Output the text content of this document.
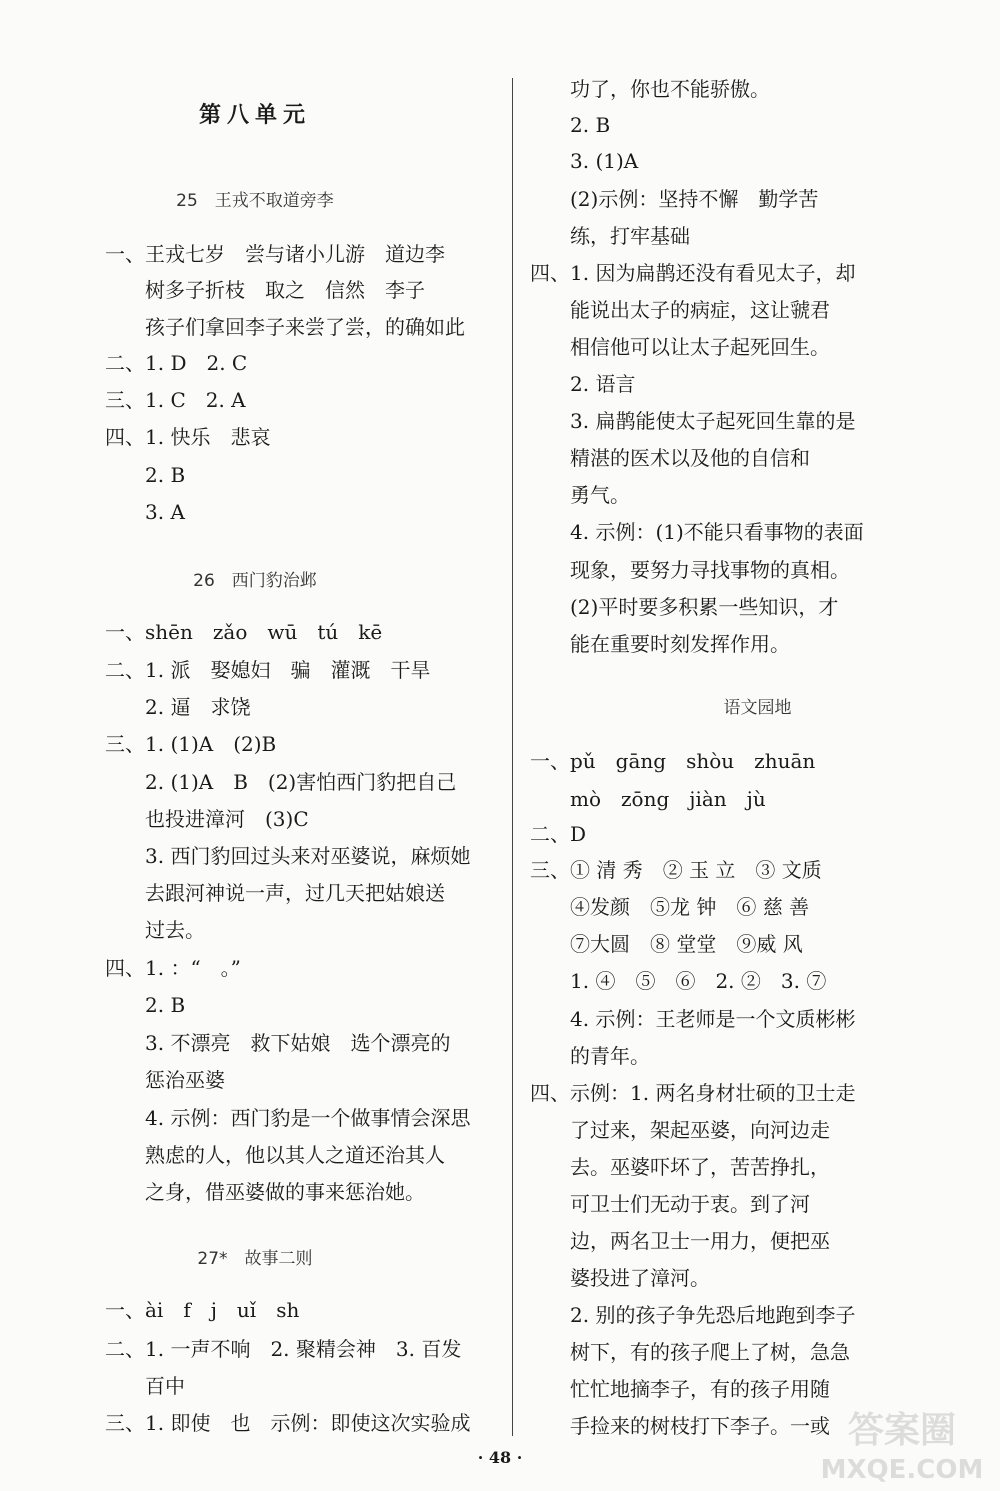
第八单元
25　王戎不取道旁李
26　西门豹治邺
27*　故事二则
语文园地
一、王戎七岁　尝与诸小儿游　道边李
　　树多子折枝　取之　信然　李子
　　孩子们拿回李子来尝了尝，的确如此
二、1. D　2. C
三、1. C　2. A
四、1. 快乐　悲哀
　　2. B
　　3. A
一、shēn　zǎo　wū　tú　kē
二、1. 派　娶媳妇　骗　灌溉　干旱
　　2. 逼　求饶
三、1. (1)A　(2)B
　　2. (1)A　B　(2)害怕西门豹把自己
　　也投进漳河　(3)C
　　3. 西门豹回过头来对巫婆说，麻烦她
　　去跟河神说一声，过几天把姑娘送
　　过去。
四、1. ：“　。”
　　2. B
　　3. 不漂亮　救下姑娘　选个漂亮的
　　惩治巫婆
　　4. 示例：西门豹是一个做事情会深思
　　熟虑的人，他以其人之道还治其人
　　之身，借巫婆做的事来惩治她。
一、ài　f　j　uǐ　sh
二、1. 一声不响　2. 聚精会神　3. 百发
　　百中
三、1. 即使　也　示例：即使这次实验成
　　功了，你也不能骄傲。
　　2. B
　　3. (1)A
　　(2)示例：坚持不懈　勤学苦
　　练，打牢基础
四、1. 因为扁鹊还没有看见太子，却
　　能说出太子的病症，这让虢君
　　相信他可以让太子起死回生。
　　2. 语言
　　3. 扁鹊能使太子起死回生靠的是
　　精湛的医术以及他的自信和
　　勇气。
　　4. 示例：(1)不能只看事物的表面
　　现象，要努力寻找事物的真相。
　　(2)平时要多积累一些知识，才
　　能在重要时刻发挥作用。
一、pǔ　gāng　shòu　zhuān
　　mò　zōng　jiàn　jù
二、D
三、① 清 秀　② 玉 立　③ 文质
　　④发颜　⑤龙 钟　⑥ 慈 善
　　⑦大圆　⑧ 堂堂　⑨威 风
　　1. ④　⑤　⑥　2. ②　3. ⑦
　　4. 示例：王老师是一个文质彬彬
　　的青年。
四、示例：1. 两名身材壮硕的卫士走
　　了过来，架起巫婆，向河边走
　　去。巫婆吓坏了，苦苦挣扎，
　　可卫士们无动于衷。到了河
　　边，两名卫士一用力，便把巫
　　婆投进了漳河。
　　2. 别的孩子争先恐后地跑到李子
　　树下，有的孩子爬上了树，急急
　　忙忙地摘李子，有的孩子用随
　　手捡来的树枝打下李子。一或
· 48 ·
答案圈
MXQE.COM
